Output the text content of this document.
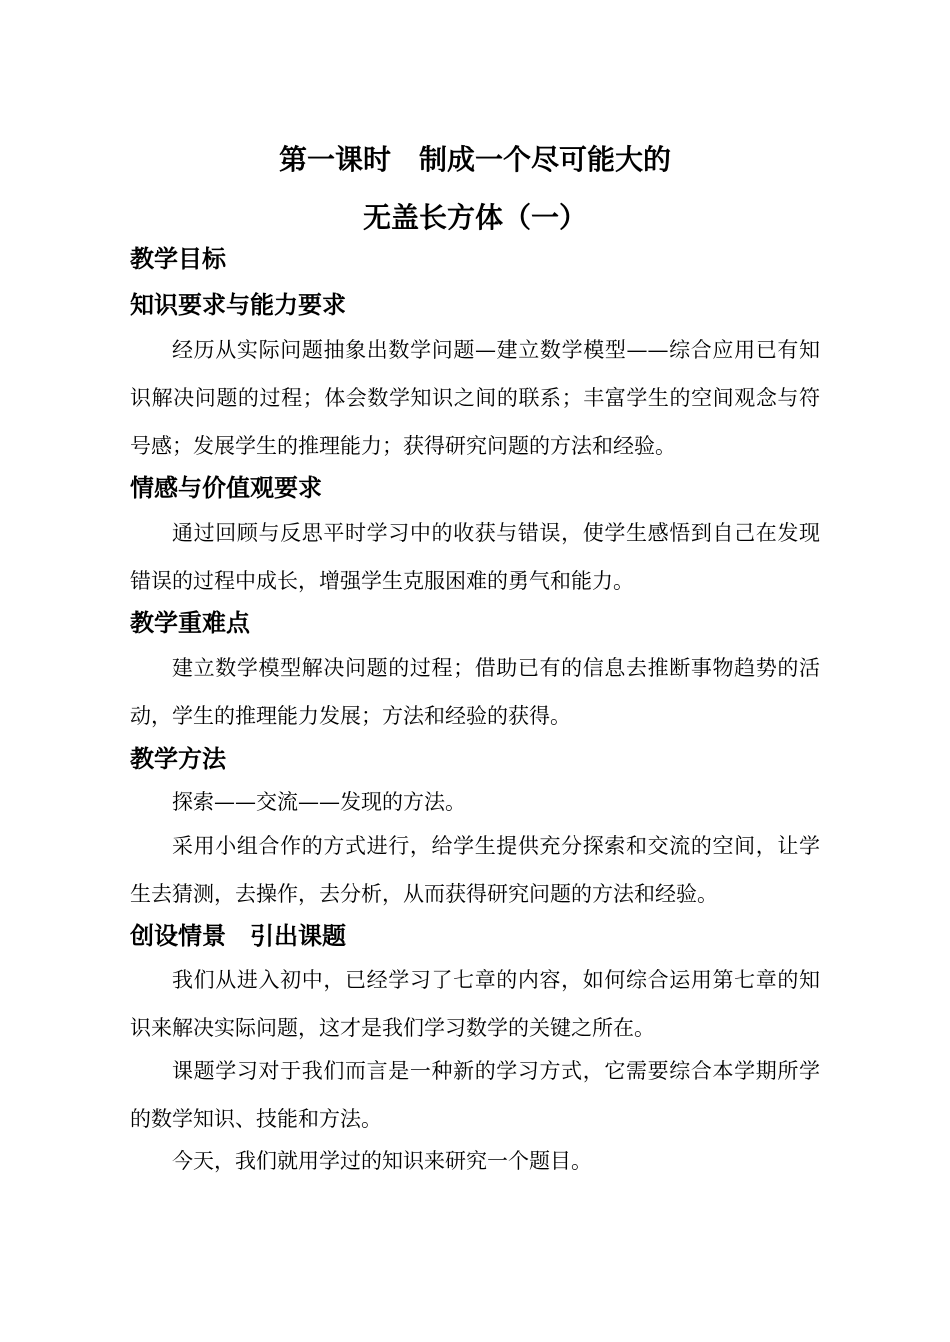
第一课时　制成一个尽可能大的
无盖长方体（一）
教学目标
知识要求与能力要求
经历从实际问题抽象出数学问题—建立数学模型——综合应用已有知识解决问题的过程；体会数学知识之间的联系；丰富学生的空间观念与符号感；发展学生的推理能力；获得研究问题的方法和经验。
情感与价值观要求
通过回顾与反思平时学习中的收获与错误，使学生感悟到自己在发现错误的过程中成长，增强学生克服困难的勇气和能力。
教学重难点
建立数学模型解决问题的过程；借助已有的信息去推断事物趋势的活动，学生的推理能力发展；方法和经验的获得。
教学方法
探索——交流——发现的方法。
采用小组合作的方式进行，给学生提供充分探索和交流的空间，让学生去猜测，去操作，去分析，从而获得研究问题的方法和经验。
创设情景　引出课题
我们从进入初中，已经学习了七章的内容，如何综合运用第七章的知识来解决实际问题，这才是我们学习数学的关键之所在。
课题学习对于我们而言是一种新的学习方式，它需要综合本学期所学的数学知识、技能和方法。
今天，我们就用学过的知识来研究一个题目。
